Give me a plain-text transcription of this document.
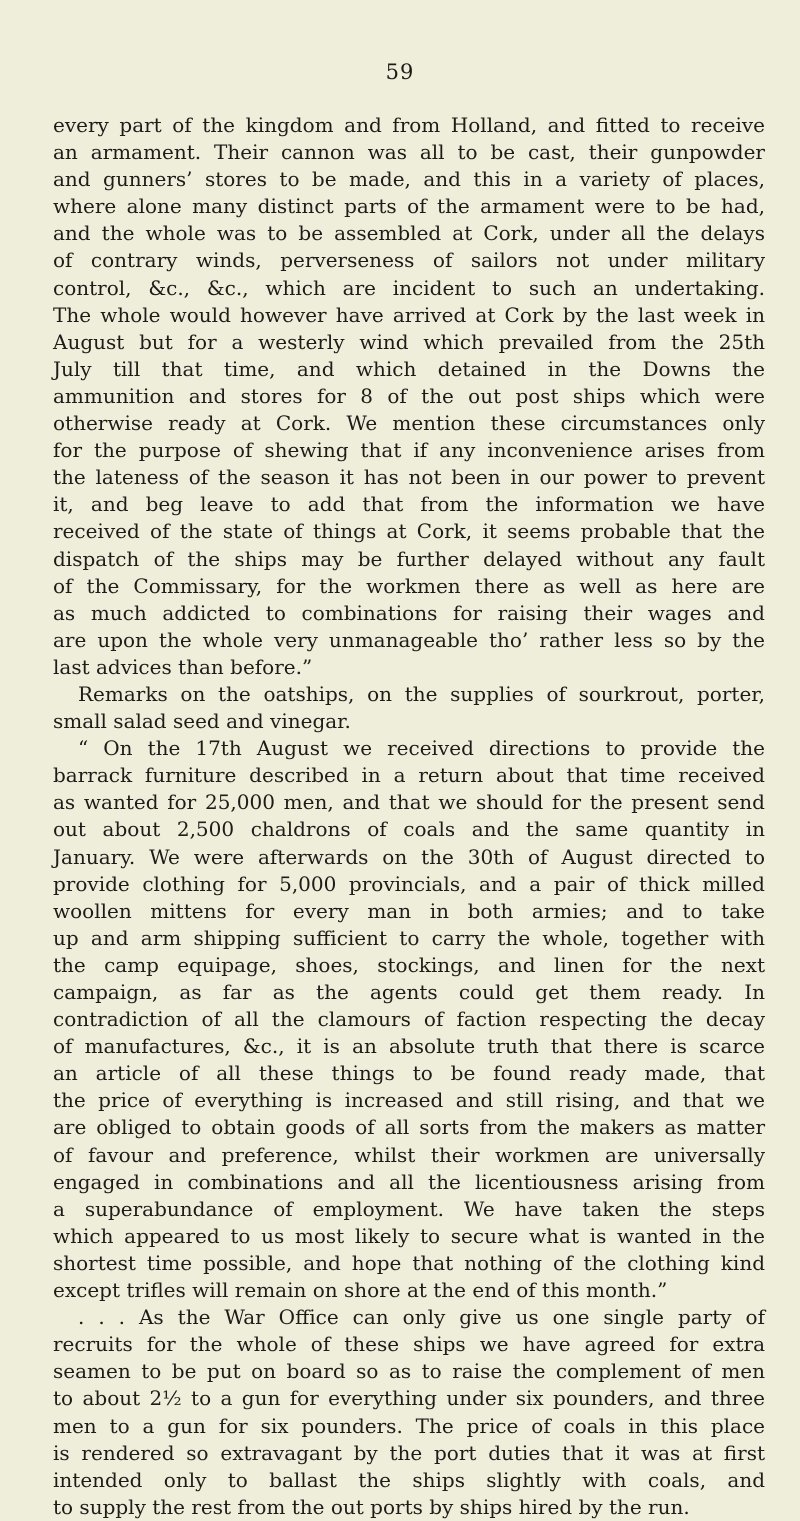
59
every part of the kingdom and from Holland, and fitted to receive
an armament. Their cannon was all to be cast, their gunpowder
and gunners’ stores to be made, and this in a variety of places,
where alone many distinct parts of the armament were to be had,
and the whole was to be assembled at Cork, under all the delays
of contrary winds, perverseness of sailors not under military
control, &c., &c., which are incident to such an undertaking.
The whole would however have arrived at Cork by the last week in
August but for a westerly wind which prevailed from the 25th
July till that time, and which detained in the Downs the
ammunition and stores for 8 of the out post ships which were
otherwise ready at Cork. We mention these circumstances only
for the purpose of shewing that if any inconvenience arises from
the lateness of the season it has not been in our power to prevent
it, and beg leave to add that from the information we have
received of the state of things at Cork, it seems probable that the
dispatch of the ships may be further delayed without any fault
of the Commissary, for the workmen there as well as here are
as much addicted to combinations for raising their wages and
are upon the whole very unmanageable tho’ rather less so by the
last advices than before.”
Remarks on the oatships, on the supplies of sourkrout, porter,
small salad seed and vinegar.
“ On the 17th August we received directions to provide the
barrack furniture described in a return about that time received
as wanted for 25,000 men, and that we should for the present send
out about 2,500 chaldrons of coals and the same quantity in
January. We were afterwards on the 30th of August directed to
provide clothing for 5,000 provincials, and a pair of thick milled
woollen mittens for every man in both armies; and to take
up and arm shipping sufficient to carry the whole, together with
the camp equipage, shoes, stockings, and linen for the next
campaign, as far as the agents could get them ready. In
contradiction of all the clamours of faction respecting the decay
of manufactures, &c., it is an absolute truth that there is scarce
an article of all these things to be found ready made, that
the price of everything is increased and still rising, and that we
are obliged to obtain goods of all sorts from the makers as matter
of favour and preference, whilst their workmen are universally
engaged in combinations and all the licentiousness arising from
a superabundance of employment. We have taken the steps
which appeared to us most likely to secure what is wanted in the
shortest time possible, and hope that nothing of the clothing kind
except trifles will remain on shore at the end of this month.”
. . . As the War Office can only give us one single party of
recruits for the whole of these ships we have agreed for extra
seamen to be put on board so as to raise the complement of men
to about 2½ to a gun for everything under six pounders, and three
men to a gun for six pounders. The price of coals in this place
is rendered so extravagant by the port duties that it was at first
intended only to ballast the ships slightly with coals, and
to supply the rest from the out ports by ships hired by the run.
